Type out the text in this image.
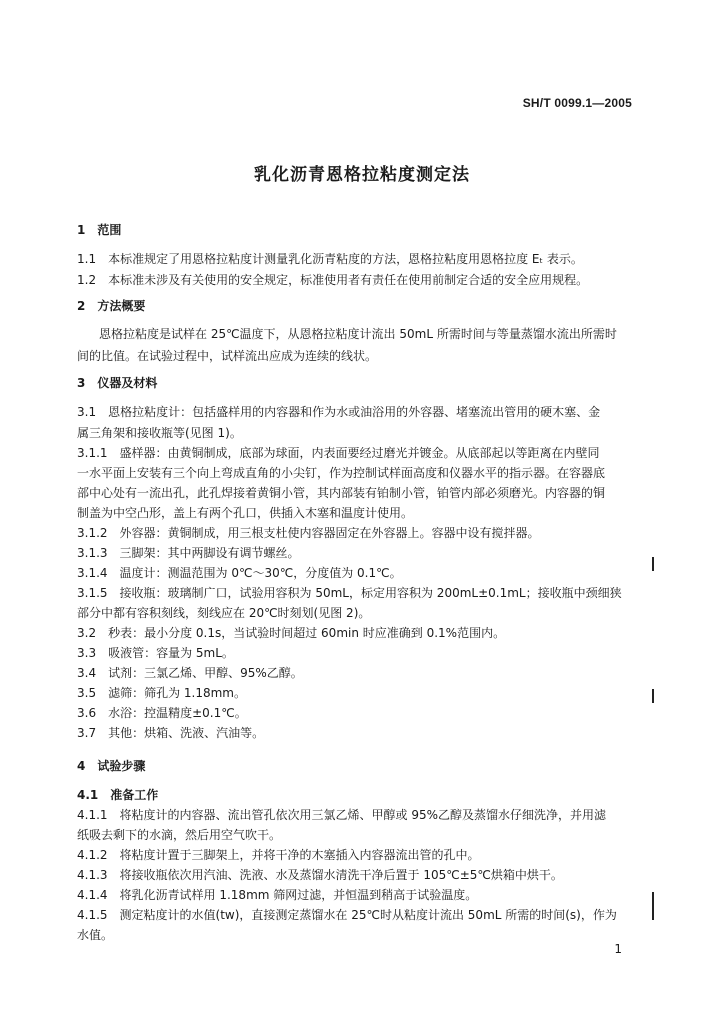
SH/T 0099.1—2005
乳化沥青恩格拉粘度测定法
1　范围
1.1　本标准规定了用恩格拉粘度计测量乳化沥青粘度的方法，恩格拉粘度用恩格拉度 Eₜ 表示。
1.2　本标准未涉及有关使用的安全规定，标准使用者有责任在使用前制定合适的安全应用规程。
2　方法概要
恩格拉粘度是试样在 25℃温度下，从恩格拉粘度计流出 50mL 所需时间与等量蒸馏水流出所需时
间的比值。在试验过程中，试样流出应成为连续的线状。
3　仪器及材料
3.1　恩格拉粘度计：包括盛样用的内容器和作为水或油浴用的外容器、堵塞流出管用的硬木塞、金
属三角架和接收瓶等(见图 1)。
3.1.1　盛样器：由黄铜制成，底部为球面，内表面要经过磨光并镀金。从底部起以等距离在内壁同
一水平面上安装有三个向上弯成直角的小尖钉，作为控制试样面高度和仪器水平的指示器。在容器底
部中心处有一流出孔，此孔焊接着黄铜小管，其内部装有铂制小管，铂管内部必须磨光。内容器的铜
制盖为中空凸形，盖上有两个孔口，供插入木塞和温度计使用。
3.1.2　外容器：黄铜制成，用三根支杜使内容器固定在外容器上。容器中设有搅拌器。
3.1.3　三脚架：其中两脚设有调节螺丝。
3.1.4　温度计：测温范围为 0℃～30℃，分度值为 0.1℃。
3.1.5　接收瓶：玻璃制广口，试验用容积为 50mL，标定用容积为 200mL±0.1mL；接收瓶中颈细狭
部分中都有容积刻线，刻线应在 20℃时刻划(见图 2)。
3.2　秒表：最小分度 0.1s，当试验时间超过 60min 时应准确到 0.1%范围内。
3.3　吸液管：容量为 5mL。
3.4　试剂：三氯乙烯、甲醇、95%乙醇。
3.5　滤筛：筛孔为 1.18mm。
3.6　水浴：控温精度±0.1℃。
3.7　其他：烘箱、洗液、汽油等。
4　试验步骤
4.1　准备工作
4.1.1　将粘度计的内容器、流出管孔依次用三氯乙烯、甲醇或 95%乙醇及蒸馏水仔细洗净，并用滤
纸吸去剩下的水滴，然后用空气吹干。
4.1.2　将粘度计置于三脚架上，并将干净的木塞插入内容器流出管的孔中。
4.1.3　将接收瓶依次用汽油、洗液、水及蒸馏水清洗干净后置于 105℃±5℃烘箱中烘干。
4.1.4　将乳化沥青试样用 1.18mm 筛网过滤，并恒温到稍高于试验温度。
4.1.5　测定粘度计的水值(tw)，直接测定蒸馏水在 25℃时从粘度计流出 50mL 所需的时间(s)，作为
水值。
1
